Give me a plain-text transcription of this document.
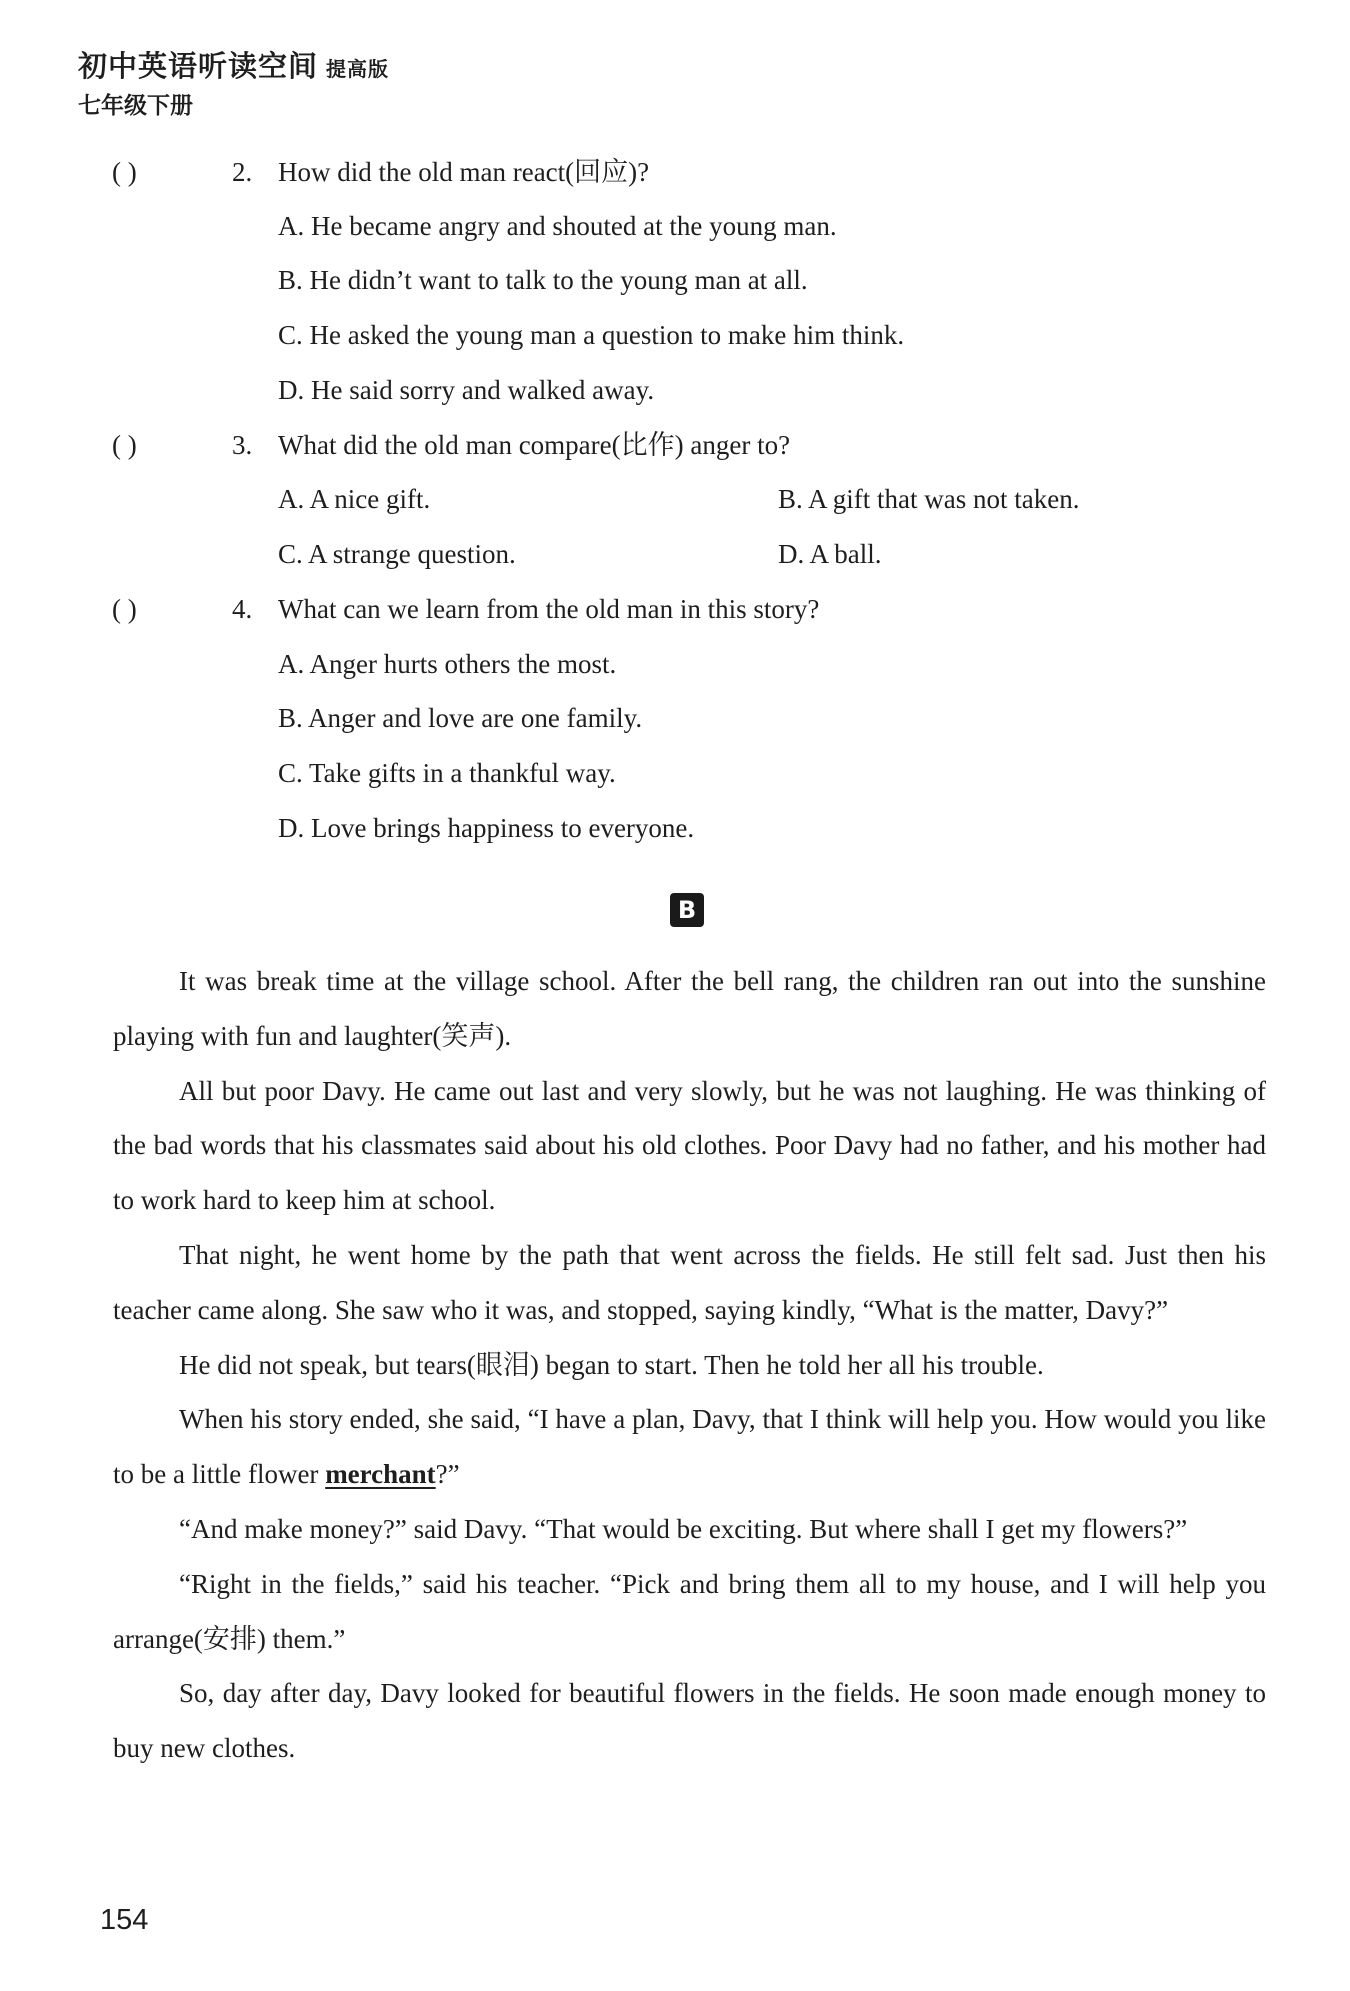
初中英语听读空间 提高版
七年级下册
( )	2. How did the old man react(回应)?
A. He became angry and shouted at the young man.
B. He didn’t want to talk to the young man at all.
C. He asked the young man a question to make him think.
D. He said sorry and walked away.
( )	3. What did the old man compare(比作) anger to?
A. A nice gift.	B. A gift that was not taken.
C. A strange question.	D. A ball.
( )	4. What can we learn from the old man in this story?
A. Anger hurts others the most.
B. Anger and love are one family.
C. Take gifts in a thankful way.
D. Love brings happiness to everyone.
B

It was break time at the village school. After the bell rang, the children ran out into the sunshine playing with fun and laughter(笑声).

All but poor Davy. He came out last and very slowly, but he was not laughing. He was thinking of the bad words that his classmates said about his old clothes. Poor Davy had no father, and his mother had to work hard to keep him at school.

That night, he went home by the path that went across the fields. He still felt sad. Just then his teacher came along. She saw who it was, and stopped, saying kindly, “What is the matter, Davy?”

He did not speak, but tears(眼泪) began to start. Then he told her all his trouble.

When his story ended, she said, “I have a plan, Davy, that I think will help you. How would you like to be a little flower merchant?”

“And make money?” said Davy. “That would be exciting. But where shall I get my flowers?”

“Right in the fields,” said his teacher. “Pick and bring them all to my house, and I will help you arrange(安排) them.”

So, day after day, Davy looked for beautiful flowers in the fields. He soon made enough money to buy new clothes.

154
